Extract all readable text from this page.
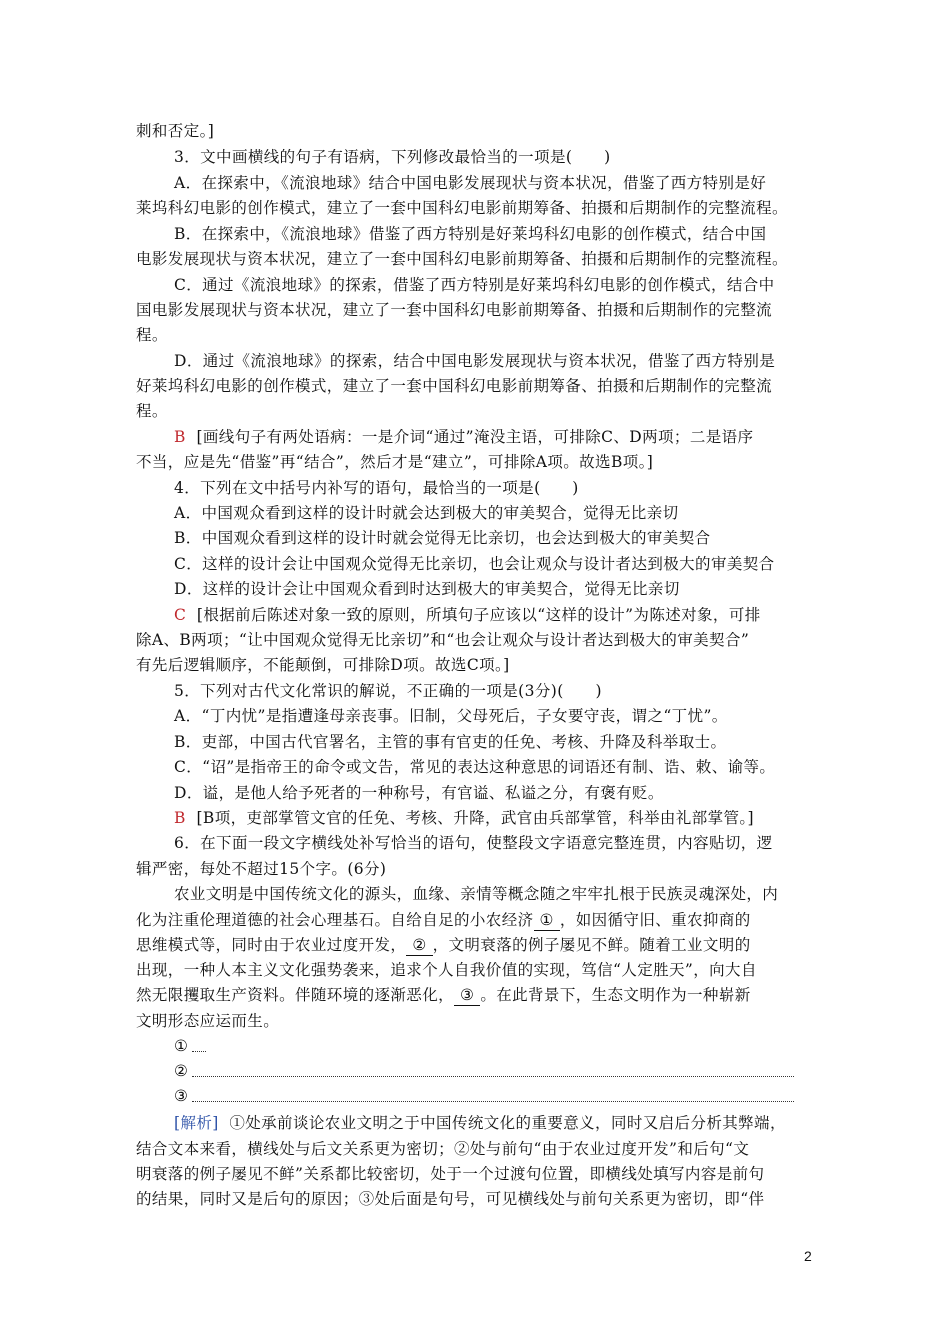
刺和否定。]
3．文中画横线的句子有语病，下列修改最恰当的一项是(　　)
A．在探索中，《流浪地球》结合中国电影发展现状与资本状况，借鉴了西方特别是好
莱坞科幻电影的创作模式，建立了一套中国科幻电影前期筹备、拍摄和后期制作的完整流程。
B．在探索中，《流浪地球》借鉴了西方特别是好莱坞科幻电影的创作模式，结合中国
电影发展现状与资本状况，建立了一套中国科幻电影前期筹备、拍摄和后期制作的完整流程。
C．通过《流浪地球》的探索，借鉴了西方特别是好莱坞科幻电影的创作模式，结合中
国电影发展现状与资本状况，建立了一套中国科幻电影前期筹备、拍摄和后期制作的完整流
程。
D．通过《流浪地球》的探索，结合中国电影发展现状与资本状况，借鉴了西方特别是
好莱坞科幻电影的创作模式，建立了一套中国科幻电影前期筹备、拍摄和后期制作的完整流
程。
B [画线句子有两处语病：一是介词“通过”淹没主语，可排除C、D两项；二是语序
不当，应是先“借鉴”再“结合”，然后才是“建立”，可排除A项。故选B项。]
4．下列在文中括号内补写的语句，最恰当的一项是(　　)
A．中国观众看到这样的设计时就会达到极大的审美契合，觉得无比亲切
B．中国观众看到这样的设计时就会觉得无比亲切，也会达到极大的审美契合
C．这样的设计会让中国观众觉得无比亲切，也会让观众与设计者达到极大的审美契合
D．这样的设计会让中国观众看到时达到极大的审美契合，觉得无比亲切
C [根据前后陈述对象一致的原则，所填句子应该以“这样的设计”为陈述对象，可排
除A、B两项；“让中国观众觉得无比亲切”和“也会让观众与设计者达到极大的审美契合”
有先后逻辑顺序，不能颠倒，可排除D项。故选C项。]
5．下列对古代文化常识的解说，不正确的一项是(3分)(　　)
A．“丁内忧”是指遭逢母亲丧事。旧制，父母死后，子女要守丧，谓之“丁忧”。
B．吏部，中国古代官署名，主管的事有官吏的任免、考核、升降及科举取士。
C．“诏”是指帝王的命令或文告，常见的表达这种意思的词语还有制、诰、敕、谕等。
D．谥，是他人给予死者的一种称号，有官谥、私谥之分，有褒有贬。
B [B项，吏部掌管文官的任免、考核、升降，武官由兵部掌管，科举由礼部掌管。]
6．在下面一段文字横线处补写恰当的语句，使整段文字语意完整连贯，内容贴切，逻
辑严密，每处不超过15个字。(6分)
农业文明是中国传统文化的源头，血缘、亲情等概念随之牢牢扎根于民族灵魂深处，内
化为注重伦理道德的社会心理基石。自给自足的小农经济 ① ，如因循守旧、重农抑商的
思维模式等，同时由于农业过度开发， ② ，文明衰落的例子屡见不鲜。随着工业文明的
出现，一种人本主义文化强势袭来，追求个人自我价值的实现，笃信“人定胜天”，向大自
然无限攫取生产资料。伴随环境的逐渐恶化， ③ 。在此背景下，生态文明作为一种崭新
文明形态应运而生。
①
②
③
[解析] ①处承前谈论农业文明之于中国传统文化的重要意义，同时又启后分析其弊端，
结合文本来看，横线处与后文关系更为密切；②处与前句“由于农业过度开发”和后句“文
明衰落的例子屡见不鲜”关系都比较密切，处于一个过渡句位置，即横线处填写内容是前句
的结果，同时又是后句的原因；③处后面是句号，可见横线处与前句关系更为密切，即“伴
2
